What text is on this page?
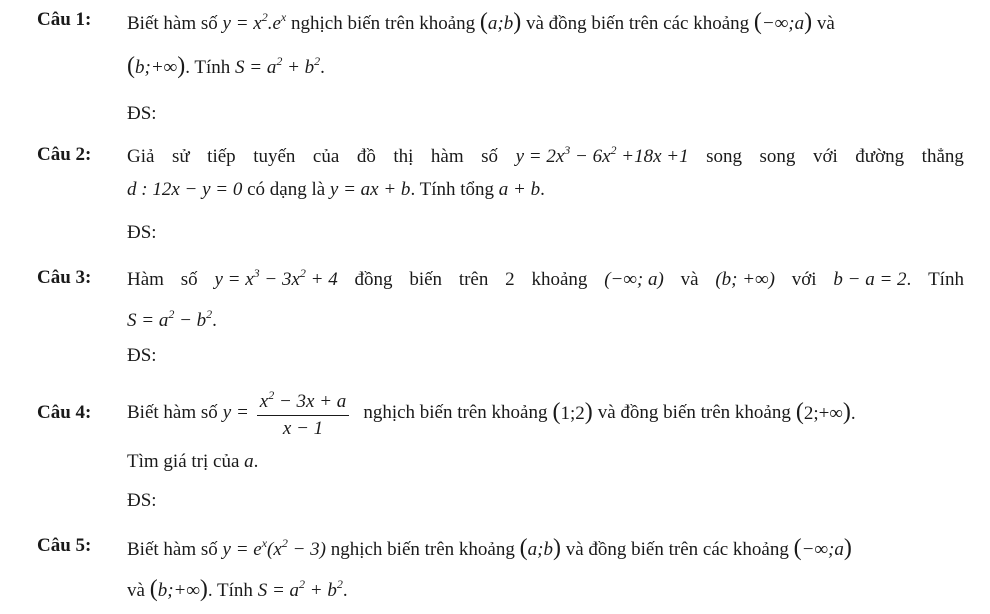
Câu 1: Biết hàm số $y = x^2.e^x$ nghịch biến trên khoảng (a;b) và đồng biến trên các khoảng (−∞;a) và
(b;+∞). Tính $S = a^2 + b^2$.
ĐS:
Câu 2: Giả sử tiếp tuyến của đồ thị hàm số $y = 2x^3 - 6x^2 +18x +1$ song song với đường thẳng
d : 12x − y = 0 có dạng là y = ax + b. Tính tổng a + b.
ĐS:
Câu 3: Hàm số $y = x^3 - 3x^2 + 4$ đồng biến trên 2 khoảng (−∞; a) và (b; +∞) với b − a = 2. Tính
$S = a^2 - b^2$.
ĐS:
Câu 4: Biết hàm số $y = \frac{x^2 - 3x + a}{x - 1}$ nghịch biến trên khoảng (1;2) và đồng biến trên khoảng (2;+∞).
Tìm giá trị của a.
ĐS:
Câu 5: Biết hàm số $y = e^x(x^2 - 3)$ nghịch biến trên khoảng (a;b) và đồng biến trên các khoảng (−∞;a)
và (b;+∞). Tính $S = a^2 + b^2$.
